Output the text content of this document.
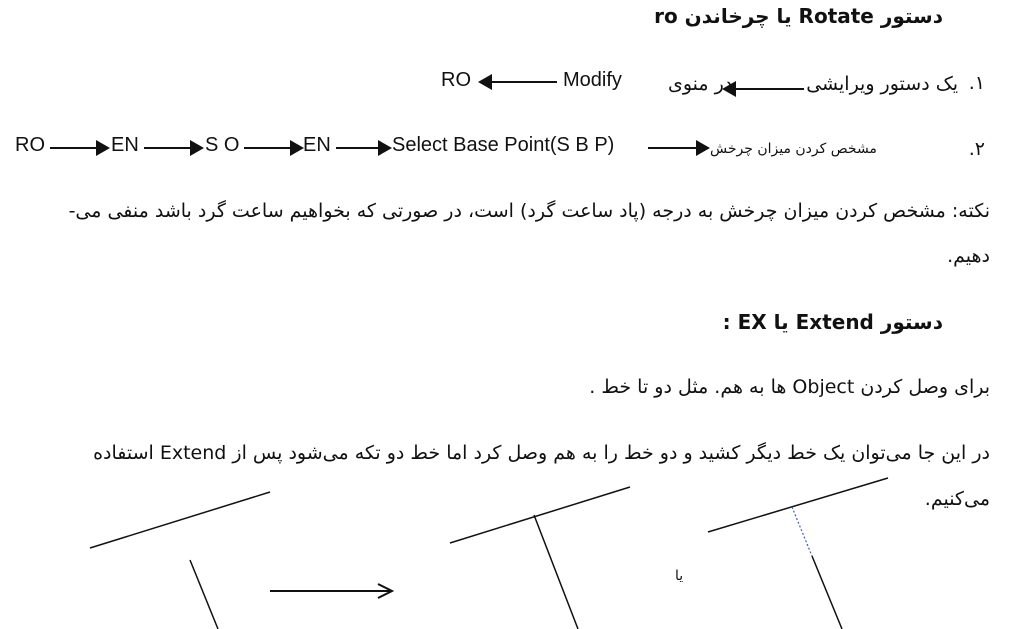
دستور Rotate یا چرخاندن ro
۱.
یک دستور ویرایشی
در منوی
Modify
RO
۲.
مشخص کردن میزان چرخش
Select Base Point(S B P)
EN
S O
EN
RO
نکته: مشخص کردن میزان چرخش به درجه (پاد ساعت گرد) است، در صورتی که بخواهیم ساعت گرد باشد منفی می-
دهیم.
دستور Extend یا EX :
برای وصل کردن Object ها به هم. مثل دو تا خط .
در این جا می‌توان یک خط دیگر کشید و دو خط را به هم وصل کرد اما خط دو تکه می‌شود پس از Extend استفاده
می‌کنیم.
یا
